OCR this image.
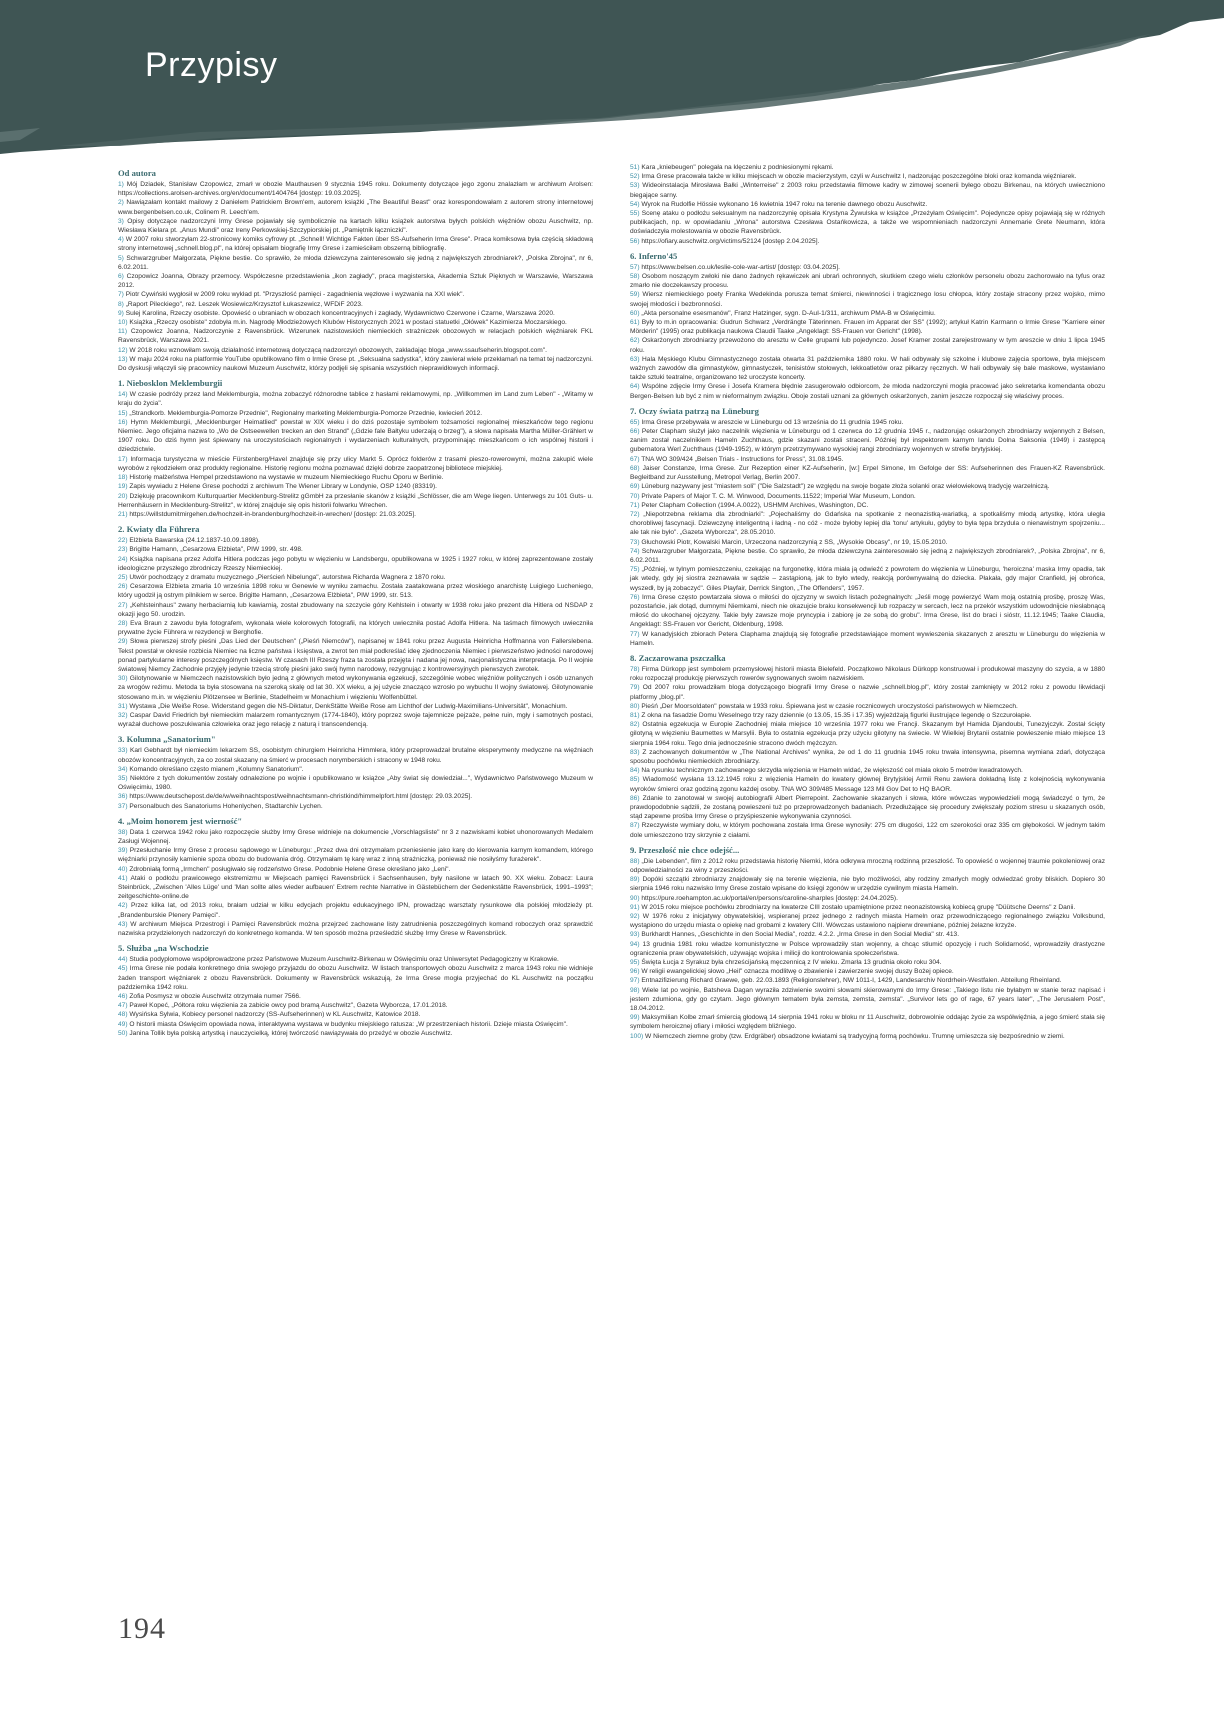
Przypisy
Od autora

1) Mój Dziadek, Stanisław Czopowicz, zmarł w obozie Mauthausen 9 stycznia 1945 roku. Dokumenty dotyczące jego zgonu znalazłam w archiwum Arolsen: https://collections.arolsen-archives.org/en/document/1404764 [dostęp: 19.03.2025].

2) Nawiązałam kontakt mailowy z Danielem Patrickiem Brown'em, autorem książki „The Beautiful Beast" oraz korespondowałam z autorem strony internetowej www.bergenbelsen.co.uk, Colinem R. Leech'em.

3) Opisy dotyczące nadzorczyni Irmy Grese pojawiały się symbolicznie na kartach kilku książek autorstwa byłych polskich więźniów obozu Auschwitz, np. Wiesława Kielara pt. „Anus Mundi" oraz Ireny Perkowskiej-Szczypiorskiej pt. „Pamiętnik łączniczki".

4) W 2007 roku stworzyłam 22-stronicowy komiks cyfrowy pt. „Schnell! Wichtige Fakten über SS-Aufseherin Irma Grese". Praca komiksowa była częścią składową strony internetowej „schnell.blog.pl", na której opisałam biografię Irmy Grese i zamieściłam obszerną bibliografię.

5) Schwarzgruber Małgorzata, Piękne bestie. Co sprawiło, że młoda dziewczyna zainteresowało się jedną z największych zbrodniarek?, „Polska Zbrojna", nr 6, 6.02.2011.

6) Czopowicz Joanna, Obrazy przemocy. Współczesne przedstawienia „ikon zagłady", praca magisterska, Akademia Sztuk Pięknych w Warszawie, Warszawa 2012.

7) Piotr Cywiński wygłosił w 2009 roku wykład pt. "Przyszłość pamięci - zagadnienia węzłowe i wyzwania na XXI wiek".

8) „Raport Pileckiego", reż. Leszek Wosiewicz/Krzysztof Łukaszewicz, WFDiF 2023.

9) Sulej Karolina, Rzeczy osobiste. Opowieść o ubraniach w obozach koncentracyjnych i zagłady, Wydawnictwo Czerwone i Czarne, Warszawa 2020.

10) Książka „Rzeczy osobiste" zdobyła m.in. Nagrodę Młodzieżowych Klubów Historycznych 2021 w postaci statuetki „Ołówek" Kazimierza Moczarskiego.

11) Czopowicz Joanna, Nadzorczynie z Ravensbrück. Wizerunek nazistowskich niemieckich strażniczek obozowych w relacjach polskich więźniarek FKL Ravensbrück, Warszawa 2021.

12) W 2018 roku wznowiłam swoją działalność internetową dotyczącą nadzorczyń obozowych, zakładając bloga „www.ssaufseherin.blogspot.com".

13) W maju 2024 roku na platformie YouTube opublikowano film o Irmie Grese pt. „Seksualna sadystka", który zawierał wiele przekłamań na temat tej nadzorczyni. Do dyskusji włączyli się pracownicy naukowi Muzeum Auschwitz, którzy podjęli się spisania wszystkich nieprawidłowych informacji.

1. Niebosklon Meklemburgii

14) W czasie podróży przez land Meklemburgia, można zobaczyć różnorodne tablice z hasłami reklamowymi, np. „Willkommen im Land zum Leben" - „Witamy w kraju do życia".

15) „Strandkorb. Meklemburgia-Pomorze Przednie", Regionalny marketing Meklemburgia-Pomorze Przednie, kwiecień 2012.

16) Hymn Meklemburgii, „Mecklenburger Heimatlied" powstał w XIX wieku i do dziś pozostaje symbolem tożsamości regionalnej mieszkańców tego regionu Niemiec. Jego oficjalna nazwa to „Wo de Ostseewellen trecken an den Strand" („Gdzie fale Bałtyku uderzają o brzeg"), a słowa napisała Martha Müller-Grählert w 1907 roku. Do dziś hymn jest śpiewany na uroczystościach regionalnych i wydarzeniach kulturalnych, przypominając mieszkańcom o ich wspólnej historii i dziedzictwie.

17) Informacja turystyczna w mieście Fürstenberg/Havel znajduje się przy ulicy Markt 5. Oprócz folderów z trasami pieszo-rowerowymi, można zakupić wiele wyrobów z rękodziełem oraz produkty regionalne. Historię regionu można poznawać dzięki dobrze zaopatrzonej bibliotece miejskiej.

18) Historię małżeństwa Hempel przedstawiono na wystawie w muzeum Niemieckiego Ruchu Oporu w Berlinie.

19) Zapis wywiadu z Helene Grese pochodzi z archiwum The Wiener Library w Londynie, OSP 1240 (83319).

20) Dziękuję pracownikom Kulturquartier Mecklenburg-Strelitz gGmbH za przesłanie skanów z książki „Schlösser, die am Wege liegen. Unterwegs zu 101 Guts- u. Herrenhäusern in Mecklenburg-Strelitz", w której znajduje się opis historii folwarku Wrechen.

21) https://willstdumitmirgehen.de/hochzeit-in-brandenburg/hochzeit-in-wrechen/ [dostęp: 21.03.2025].

2. Kwiaty dla Führera

22) Elżbieta Bawarska (24.12.1837-10.09.1898).

23) Brigitte Hamann, „Cesarzowa Elżbieta", PIW 1999, str. 498.

24) Książka napisana przez Adolfa Hitlera podczas jego pobytu w więzieniu w Landsbergu, opublikowana w 1925 i 1927 roku, w której zaprezentowane zostały ideologiczne przyszłego zbrodniczy Rzeszy Niemieckiej.

25) Utwór pochodzący z dramatu muzycznego „Pierścień Nibelunga", autorstwa Richarda Wagnera z 1870 roku.

26) Cesarzowa Elżbieta zmarła 10 września 1898 roku w Genewie w wyniku zamachu. Została zaatakowana przez włoskiego anarchistę Luigiego Lucheniego, który ugodził ją ostrym pilnikiem w serce. Brigitte Hamann, „Cesarzowa Elżbieta", PIW 1999, str. 513.

27) „Kehlsteinhaus" zwany herbaciarnią lub kawiarnią, został zbudowany na szczycie góry Kehlstein i otwarty w 1938 roku jako prezent dla Hitlera od NSDAP z okazji jego 50. urodzin.

28) Eva Braun z zawodu była fotografem, wykonała wiele kolorowych fotografii, na których uwieczniła postać Adolfa Hitlera. Na taśmach filmowych uwieczniła prywatne życie Führera w rezydencji w Berghofie.

29) Słowa pierwszej strofy pieśni „Das Lied der Deutschen" („Pieśń Niemców"), napisanej w 1841 roku przez Augusta Heinricha Hoffmanna von Fallerslebena. Tekst powstał w okresie rozbicia Niemiec na liczne państwa i księstwa, a zwrot ten miał podkreślać ideę zjednoczenia Niemiec i pierwszeństwo jedności narodowej ponad partykularne interesy poszczególnych księstw. W czasach III Rzeszy fraza ta została przejęta i nadana jej nowa, nacjonalistyczna interpretacja. Po II wojnie światowej Niemcy Zachodnie przyjęły jedynie trzecią strofę pieśni jako swój hymn narodowy, rezygnując z kontrowersyjnych pierwszych zwrotek.

30) Gilotynowanie w Niemczech nazistowskich było jedną z głównych metod wykonywania egzekucji, szczególnie wobec więźniów politycznych i osób uznanych za wrogów reżimu. Metoda ta była stosowana na szeroką skalę od lat 30. XX wieku, a jej użycie znacząco wzrosło po wybuchu II wojny światowej. Gilotynowanie stosowano m.in. w więzieniu Plötzensee w Berlinie, Stadelheim w Monachium i więzieniu Wolfenbüttel.

31) Wystawa „Die Weiße Rose. Widerstand gegen die NS-Diktatur, DenkStätte Weiße Rose am Lichthof der Ludwig-Maximilians-Universität", Monachium.

32) Caspar David Friedrich był niemieckim malarzem romantycznym (1774-1840), który poprzez swoje tajemnicze pejzaże, pełne ruin, mgły i samotnych postaci, wyrażał duchowe poszukiwania człowieka oraz jego relację z naturą i transcendencją.

3. Kolumna „Sanatorium"

33) Karl Gebhardt był niemieckim lekarzem SS, osobistym chirurgiem Heinricha Himmlera, który przeprowadzał brutalne eksperymenty medyczne na więźniach obozów koncentracyjnych, za co został skazany na śmierć w procesach norymberskich i stracony w 1948 roku.

34) Komando określano często mianem „Kolumny Sanatorium".

35) Niektóre z tych dokumentów zostały odnalezione po wojnie i opublikowano w książce „Aby świat się dowiedział...", Wydawnictwo Państwowego Muzeum w Oświęcimiu, 1980.

36) https://www.deutschepost.de/de/w/weihnachtspost/weihnachtsmann-christkind/himmelpfort.html [dostęp: 29.03.2025].

37) Personalbuch des Sanatoriums Hohenlychen, Stadtarchiv Lychen.

4. „Moim honorem jest wierność"

38) Data 1 czerwca 1942 roku jako rozpoczęcie służby Irmy Grese widnieje na dokumencie „Vorschlagsliste" nr 3 z nazwiskami kobiet uhonorowanych Medalem Zasługi Wojennej.

39) Przesłuchanie Irmy Grese z procesu sądowego w Lüneburgu: „Przez dwa dni otrzymałam przeniesienie jako karę do kierowania karnym komandem, którego więźniarki przynosiły kamienie spoza obozu do budowania dróg. Otrzymałam tę karę wraz z inną strażniczką, ponieważ nie nosiłyśmy furażerek".

40) Zdrobniałą formą „Irmchen" posługiwało się rodzeństwo Grese. Podobnie Helene Grese określano jako „Leni".

41) Ataki o podłożu prawicowego ekstremizmu w Miejscach pamięci Ravensbrück i Sachsenhausen, były nasilone w latach 90. XX wieku. Zobacz: Laura Steinbrück, „Zwischen 'Alles Lüge' und 'Man sollte alles wieder aufbauen' Extrem rechte Narrative in Gästebüchern der Gedenkstätte Ravensbrück, 1991–1993"; zeitgeschichte-online.de

42) Przez kilka lat, od 2013 roku, brałam udział w kilku edycjach projektu edukacyjnego IPN, prowadząc warsztaty rysunkowe dla polskiej młodzieży pt. „Brandenburskie Plenery Pamięci".

43) W archiwum Miejsca Przestrogi i Pamięci Ravensbrück można przejrzeć zachowane listy zatrudnienia poszczególnych komand roboczych oraz sprawdzić nazwiska przydzielonych nadzorczyń do konkretnego komanda. W ten sposób można prześledzić służbę Irmy Grese w Ravensbrück.

5. Służba „na Wschodzie

44) Studia podyplomowe współprowadzone przez Państwowe Muzeum Auschwitz-Birkenau w Oświęcimiu oraz Uniwersytet Pedagogiczny w Krakowie.

45) Irma Grese nie podała konkretnego dnia swojego przyjazdu do obozu Auschwitz. W listach transportowych obozu Auschwitz z marca 1943 roku nie widnieje żaden transport więźniarek z obozu Ravensbrück. Dokumenty w Ravensbrück wskazują, że Irma Grese mogła przyjechać do KL Auschwitz na początku października 1942 roku.

46) Zofia Posmysz w obozie Auschwitz otrzymała numer 7566.

47) Paweł Kopeć, „Półtora roku więzienia za zabicie owcy pod bramą Auschwitz", Gazeta Wyborcza, 17.01.2018.

48) Wysińska Sylwia, Kobiecy personel nadzorczy (SS-Aufseherinnen) w KL Auschwitz, Katowice 2018.

49) O historii miasta Oświęcim opowiada nowa, interaktywna wystawa w budynku miejskiego ratusza: „W przestrzeniach historii. Dzieje miasta Oświęcim".

50) Janina Tollik była polską artystką i nauczycielką, której twórczość nawiązywała do przeżyć w obozie Auschwitz.

51) Kara „kniebeugen" polegała na klęczeniu z podniesionymi rękami.

52) Irma Grese pracowała także w kilku miejscach w obozie macierzystym, czyli w Auschwitz I, nadzorując poszczególne bloki oraz komanda więźniarek.

53) Wideoinstalacja Mirosława Bałki „Winterreise" z 2003 roku przedstawia filmowe kadry w zimowej scenerii byłego obozu Birkenau, na których uwieczniono biegające sarny.

54) Wyrok na Rudolfie Hössie wykonano 16 kwietnia 1947 roku na terenie dawnego obozu Auschwitz.

55) Scenę ataku o podłożu seksualnym na nadzorczynię opisała Krystyna Żywulska w książce „Przeżyłam Oświęcim". Pojedyncze opisy pojawiają się w różnych publikacjach, np. w opowiadaniu „Wrona" autorstwa Czesława Ostańkowicza, a także we wspomnieniach nadzorczyni Annemarie Grete Neumann, która doświadczyła molestowania w obozie Ravensbrück.

56) https://ofiary.auschwitz.org/victims/52124 [dostęp 2.04.2025].

6. Inferno'45

57) https://www.belsen.co.uk/leslie-cole-war-artist/ [dostęp: 03.04.2025].

58) Osobom noszącym zwłoki nie dano żadnych rękawiczek ani ubrań ochronnych, skutkiem czego wielu członków personelu obozu zachorowało na tyfus oraz zmarło nie doczekawszy procesu.

59) Wiersz niemieckiego poety Franka Wedekinda porusza temat śmierci, niewinności i tragicznego losu chłopca, który zostaje stracony przez wojsko, mimo swojej młodości i bezbronności.

60) „Akta personalne esesmanów", Franz Hatzinger, sygn. D-AuI-1/311, archiwum PMA-B w Oświęcimiu.

61) Były to m.in opracowania: Gudrun Schwarz „Verdrängte Täterinnen. Frauen im Apparat der SS" (1992); artykuł Katrin Karmann o Irmie Grese "Karriere einer Mörderin" (1995) oraz publikacja naukowa Claudii Taake „Angeklagt: SS-Frauen vor Gericht" (1998).

62) Oskarżonych zbrodniarzy przewożono do aresztu w Celle grupami lub pojedynczo. Josef Kramer został zarejestrowany w tym areszcie w dniu 1 lipca 1945 roku.

63) Hala Męskiego Klubu Gimnastycznego została otwarta 31 października 1880 roku. W hali odbywały się szkolne i klubowe zajęcia sportowe, była miejscem ważnych zawodów dla gimnastyków, gimnastyczek, tenisistów stołowych, lekkoatletów oraz piłkarzy ręcznych. W hali odbywały się bale maskowe, wystawiano także sztuki teatralne, organizowano też uroczyste koncerty.

64) Wspólne zdjęcie Irmy Grese i Josefa Kramera błędnie zasugerowało odbiorcom, że młoda nadzorczyni mogła pracować jako sekretarka komendanta obozu Bergen-Belsen lub być z nim w nieformalnym związku. Oboje zostali uznani za głównych oskarżonych, zanim jeszcze rozpoczął się właściwy proces.

7. Oczy świata patrzą na Lüneburg

65) Irma Grese przebywała w areszcie w Lüneburgu od 13 września do 11 grudnia 1945 roku.

66) Peter Clapham służył jako naczelnik więzienia w Lüneburgu od 1 czerwca do 12 grudnia 1945 r., nadzorując oskarżonych zbrodniarzy wojennych z Belsen, zanim został naczelnikiem Hameln Zuchthaus, gdzie skazani zostali straceni. Później był inspektorem karnym landu Dolna Saksonia (1949) i zastępcą gubernatora Werl Zuchthaus (1949-1952), w którym przetrzymywano wysokiej rangi zbrodniarzy wojennych w strefie brytyjskiej.

67) TNA WO 309/424 „Belsen Trials - Instructions for Press", 31.08.1945.

68) Jaiser Constanze, Irma Grese. Zur Rezeption einer KZ-Aufseherin, [w:] Erpel Simone, Im Gefolge der SS: Aufseherinnen des Frauen-KZ Ravensbrück. Begleitband zur Ausstellung, Metropol Verlag, Berlin 2007.

69) Lüneburg nazywany jest "miastem soli" ("Die Salzstadt") ze względu na swoje bogate złoża solanki oraz wielowiekową tradycję warzelniczą.

70) Private Papers of Major T. C. M. Winwood, Documents.11522; Imperial War Museum, London.

71) Peter Clapham Collection (1994.A.0022), USHMM Archives, Washington, DC.

72) „Niepotrzebna reklama dla zbrodniarki": „Pojechaliśmy do Gdańska na spotkanie z neonazistką-wariatką, a spotkaliśmy młodą artystkę, która uległa chorobliwej fascynacji. Dziewczynę inteligentną i ładną - no cóż - może byłoby lepiej dla 'tonu' artykułu, gdyby to była tępa brzydula o nienawistnym spojrzeniu... ale tak nie było". „Gazeta Wyborcza", 28.05.2010.

73) Głuchowski Piotr, Kowalski Marcin, Urzeczona nadzorczynią z SS, „Wysokie Obcasy", nr 19, 15.05.2010.

74) Schwarzgruber Małgorzata, Piękne bestie. Co sprawiło, że młoda dziewczyna zainteresowało się jedną z największych zbrodniarek?, „Polska Zbrojna", nr 6, 6.02.2011.

75) „Później, w tylnym pomieszczeniu, czekając na furgonetkę, która miała ją odwieźć z powrotem do więzienia w Lüneburgu, 'heroiczna' maska Irmy opadła, tak jak wtedy, gdy jej siostra zeznawała w sądzie – zastąpioną, jak to było wtedy, reakcją porównywalną do dziecka. Płakała, gdy major Cranfield, jej obrońca, wyszedł, by ją zobaczyć". Giles Playfair, Derrick Sington, „The Offenders", 1957.

76) Irma Grese często powtarzała słowa o miłości do ojczyzny w swoich listach pożegnalnych: „Jeśli mogę powierzyć Wam moją ostatnią prośbę, proszę Was, pozostańcie, jak dotąd, dumnymi Niemkami, niech nie okazujcie braku konsekwencji lub rozpaczy w sercach, lecz na przekór wszystkim udowodnijcie niesłabnącą miłość do ukochanej ojczyzny. Takie były zawsze moje pryncypia i zabiorę je ze sobą do grobu". Irma Grese, list do braci i sióstr, 11.12.1945; Taake Claudia, Angeklagt: SS-Frauen vor Gericht, Oldenburg, 1998.

77) W kanadyjskich zbiorach Petera Claphama znajdują się fotografie przedstawiające moment wywieszenia skazanych z aresztu w Lüneburgu do więzienia w Hameln.

8. Zaczarowana pszczałka

78) Firma Dürkopp jest symbolem przemysłowej historii miasta Bielefeld. Początkowo Nikolaus Dürkopp konstruował i produkował maszyny do szycia, a w 1880 roku rozpoczął produkcję pierwszych rowerów sygnowanych swoim nazwiskiem.

79) Od 2007 roku prowadziłam bloga dotyczącego biografii Irmy Grese o nazwie „schnell.blog.pl", który został zamknięty w 2012 roku z powodu likwidacji platformy „blog.pl".

80) Pieśń „Der Moorsoldaten" powstała w 1933 roku. Śpiewana jest w czasie rocznicowych uroczystości państwowych w Niemczech.

81) Z okna na fasadzie Domu Weselnego trzy razy dziennie (o 13.05, 15.35 i 17.35) wyjeżdżają figurki ilustrujące legendę o Szczurołapie.

82) Ostatnia egzekucja w Europie Zachodniej miała miejsce 10 września 1977 roku we Francji. Skazanym był Hamida Djandoubi, Tunezyjczyk. Został ścięty gilotyną w więzieniu Baumettes w Marsylii. Była to ostatnia egzekucja przy użyciu gilotyny na świecie. W Wielkiej Brytanii ostatnie powieszenie miało miejsce 13 sierpnia 1964 roku. Tego dnia jednocześnie stracono dwóch mężczyzn.

83) Z zachowanych dokumentów w „The National Archives" wynika, że od 1 do 11 grudnia 1945 roku trwała intensywna, pisemna wymiana zdań, dotycząca sposobu pochówku niemieckich zbrodniarzy.

84) Na rysunku technicznym zachowanego skrzydła więzienia w Hameln widać, że większość cel miała około 5 metrów kwadratowych.

85) Wiadomość wysłana 13.12.1945 roku z więzienia Hameln do kwatery głównej Brytyjskiej Armii Renu zawiera dokładną listę z kolejnością wykonywania wyroków śmierci oraz godziną zgonu każdej osoby. TNA WO 309/485 Message 123 Mil Gov Det to HQ BAOR.

86) Zdanie to zanotował w swojej autobiografii Albert Pierrepoint. Zachowanie skazanych i słowa, które wówczas wypowiedzieli mogą świadczyć o tym, że prawdopodobnie sądzili, że zostaną powieszeni tuż po przeprowadzonych badaniach. Przedłużające się procedury zwiększały poziom stresu u skazanych osób, stąd zapewne prośba Irmy Grese o przyśpieszenie wykonywania czynności.

87) Rzeczywiste wymiary dołu, w którym pochowana została Irma Grese wynosiły: 275 cm długości, 122 cm szerokości oraz 335 cm głębokości. W jednym takim dole umieszczono trzy skrzynie z ciałami.

9. Przeszłość nie chce odejść...

88) „Die Lebenden", film z 2012 roku przedstawia historię Niemki, która odkrywa mroczną rodzinną przeszłość. To opowieść o wojennej traumie pokoleniowej oraz odpowiedzialności za winy z przeszłości.

89) Dopóki szczątki zbrodniarzy znajdowały się na terenie więzienia, nie było możliwości, aby rodziny zmarłych mogły odwiedzać groby bliskich. Dopiero 30 sierpnia 1946 roku nazwisko Irmy Grese zostało wpisane do księgi zgonów w urzędzie cywilnym miasta Hameln.

90) https://pure.roehampton.ac.uk/portal/en/persons/caroline-sharples [dostęp: 24.04.2025).

91) W 2015 roku miejsce pochówku zbrodniarzy na kwaterze CIII zostało upamiętnione przez neonazistowską kobiecą grupę "Düütsche Deerns" z Danii.

92) W 1976 roku z inicjatywy obywatelskiej, wspieranej przez jednego z radnych miasta Hameln oraz przewodniczącego regionalnego związku Volksbund, wystąpiono do urzędu miasta o opiekę nad grobami z kwatery CIII. Wówczas ustawiono najpierw drewniane, później żelazne krzyże.

93) Burkhardt Hannes, „Geschichte in den Social Media", rozdz. 4.2.2. „Irma Grese in den Social Media" str. 413.

94) 13 grudnia 1981 roku władze komunistyczne w Polsce wprowadziły stan wojenny, a chcąc stłumić opozycję i ruch Solidarność, wprowadziły drastyczne ograniczenia praw obywatelskich, używając wojska i milicji do kontrolowania społeczeństwa.

95) Święta Łucja z Syrakuz była chrześcijańską męczennicą z IV wieku. Zmarła 13 grudnia około roku 304.

96) W religii ewangelickiej słowo „Heil" oznacza modlitwę o zbawienie i zawierzenie swojej duszy Bożej opiece.

97) Entnazifizierung Richard Graewe, geb. 22.03.1893 (Religionslehrer), NW 1011-I, 1429, Landesarchiv Nordrhein-Westfalen. Abteilung Rheinland.

98) Wiele lat po wojnie, Batsheva Dagan wyraziła zdziwienie swoimi słowami skierowanymi do Irmy Grese: „Takiego listu nie byłabym w stanie teraz napisać i jestem zdumiona, gdy go czytam. Jego głównym tematem była zemsta, zemsta, zemsta". „Survivor lets go of rage, 67 years later", „The Jerusalem Post", 18.04.2012.

99) Maksymilian Kolbe zmarł śmiercią głodową 14 sierpnia 1941 roku w bloku nr 11 Auschwitz, dobrowolnie oddając życie za współwięźnia, a jego śmierć stała się symbolem heroicznej ofiary i miłości względem bliźniego.

100) W Niemczech ziemne groby (tzw. Erdgräber) obsadzone kwiatami są tradycyjną formą pochówku. Trumnę umieszcza się bezpośrednio w ziemi.

194
